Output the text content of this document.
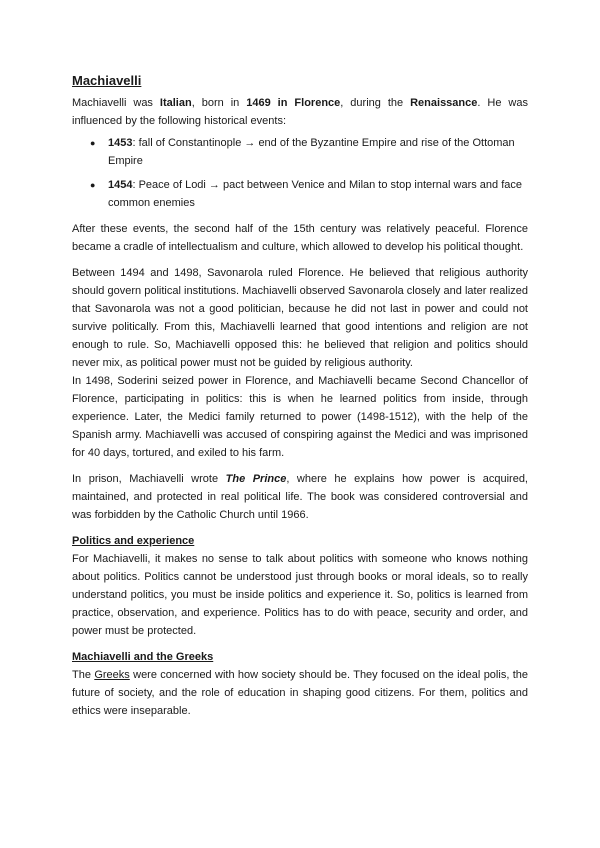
Machiavelli

Machiavelli was Italian, born in 1469 in Florence, during the Renaissance. He was influenced by the following historical events:

● 1453: fall of Constantinople → end of the Byzantine Empire and rise of the Ottoman Empire
● 1454: Peace of Lodi → pact between Venice and Milan to stop internal wars and face common enemies

After these events, the second half of the 15th century was relatively peaceful. Florence became a cradle of intellectualism and culture, which allowed to develop his political thought.

Between 1494 and 1498, Savonarola ruled Florence. He believed that religious authority should govern political institutions. Machiavelli observed Savonarola closely and later realized that Savonarola was not a good politician, because he did not last in power and could not survive politically. From this, Machiavelli learned that good intentions and religion are not enough to rule. So, Machiavelli opposed this: he believed that religion and politics should never mix, as political power must not be guided by religious authority.

In 1498, Soderini seized power in Florence, and Machiavelli became Second Chancellor of Florence, participating in politics: this is when he learned politics from inside, through experience. Later, the Medici family returned to power (1498-1512), with the help of the Spanish army. Machiavelli was accused of conspiring against the Medici and was imprisoned for 40 days, tortured, and exiled to his farm.

In prison, Machiavelli wrote The Prince, where he explains how power is acquired, maintained, and protected in real political life. The book was considered controversial and was forbidden by the Catholic Church until 1966.

Politics and experience

For Machiavelli, it makes no sense to talk about politics with someone who knows nothing about politics. Politics cannot be understood just through books or moral ideals, so to really understand politics, you must be inside politics and experience it. So, politics is learned from practice, observation, and experience. Politics has to do with peace, security and order, and power must be protected.

Machiavelli and the Greeks

The Greeks were concerned with how society should be. They focused on the ideal polis, the future of society, and the role of education in shaping good citizens. For them, politics and ethics were inseparable.
